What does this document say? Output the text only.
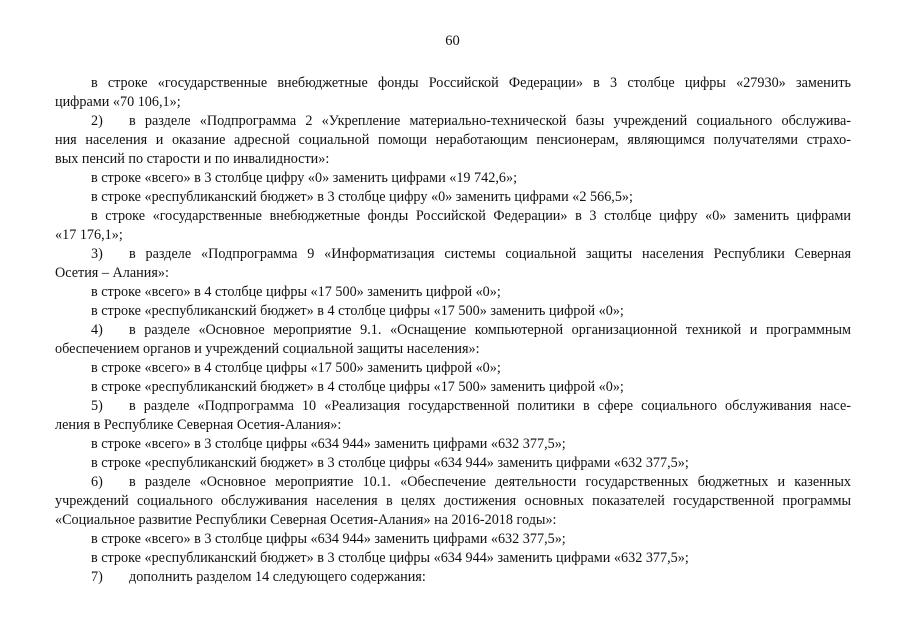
60
в строке «государственные внебюджетные фонды Российской Федерации» в 3 столбце цифры «27930» заменить
цифрами «70 106,1»;
2) в разделе «Подпрограмма 2 «Укрепление материально-технической базы учреждений социального обслужива-
ния населения и оказание адресной социальной помощи неработающим пенсионерам, являющимся получателями страхо-
вых пенсий по старости и по инвалидности»:
в строке «всего» в 3 столбце цифру «0» заменить цифрами «19 742,6»;
в строке «республиканский бюджет» в 3 столбце цифру «0» заменить цифрами «2 566,5»;
в строке «государственные внебюджетные фонды Российской Федерации» в 3 столбце цифру «0» заменить цифрами
«17 176,1»;
3) в разделе «Подпрограмма 9 «Информатизация системы социальной защиты населения Республики Северная
Осетия – Алания»:
в строке «всего» в 4 столбце цифры «17 500» заменить цифрой «0»;
в строке «республиканский бюджет» в 4 столбце цифры «17 500» заменить цифрой «0»;
4) в разделе «Основное мероприятие 9.1. «Оснащение компьютерной организационной техникой и программным
обеспечением органов и учреждений социальной защиты населения»:
в строке «всего» в 4 столбце цифры «17 500» заменить цифрой «0»;
в строке «республиканский бюджет» в 4 столбце цифры «17 500» заменить цифрой «0»;
5) в разделе «Подпрограмма 10 «Реализация государственной политики в сфере социального обслуживания насе-
ления в Республике Северная Осетия-Алания»:
в строке «всего» в 3 столбце цифры «634 944» заменить цифрами «632 377,5»;
в строке «республиканский бюджет» в 3 столбце цифры «634 944» заменить цифрами «632 377,5»;
6) в разделе «Основное мероприятие 10.1. «Обеспечение деятельности государственных бюджетных и казенных
учреждений социального обслуживания населения в целях достижения основных показателей государственной программы
«Социальное развитие Республики Северная Осетия-Алания» на 2016-2018 годы»:
в строке «всего» в 3 столбце цифры «634 944» заменить цифрами «632 377,5»;
в строке «республиканский бюджет» в 3 столбце цифры «634 944» заменить цифрами «632 377,5»;
7) дополнить разделом 14 следующего содержания:
